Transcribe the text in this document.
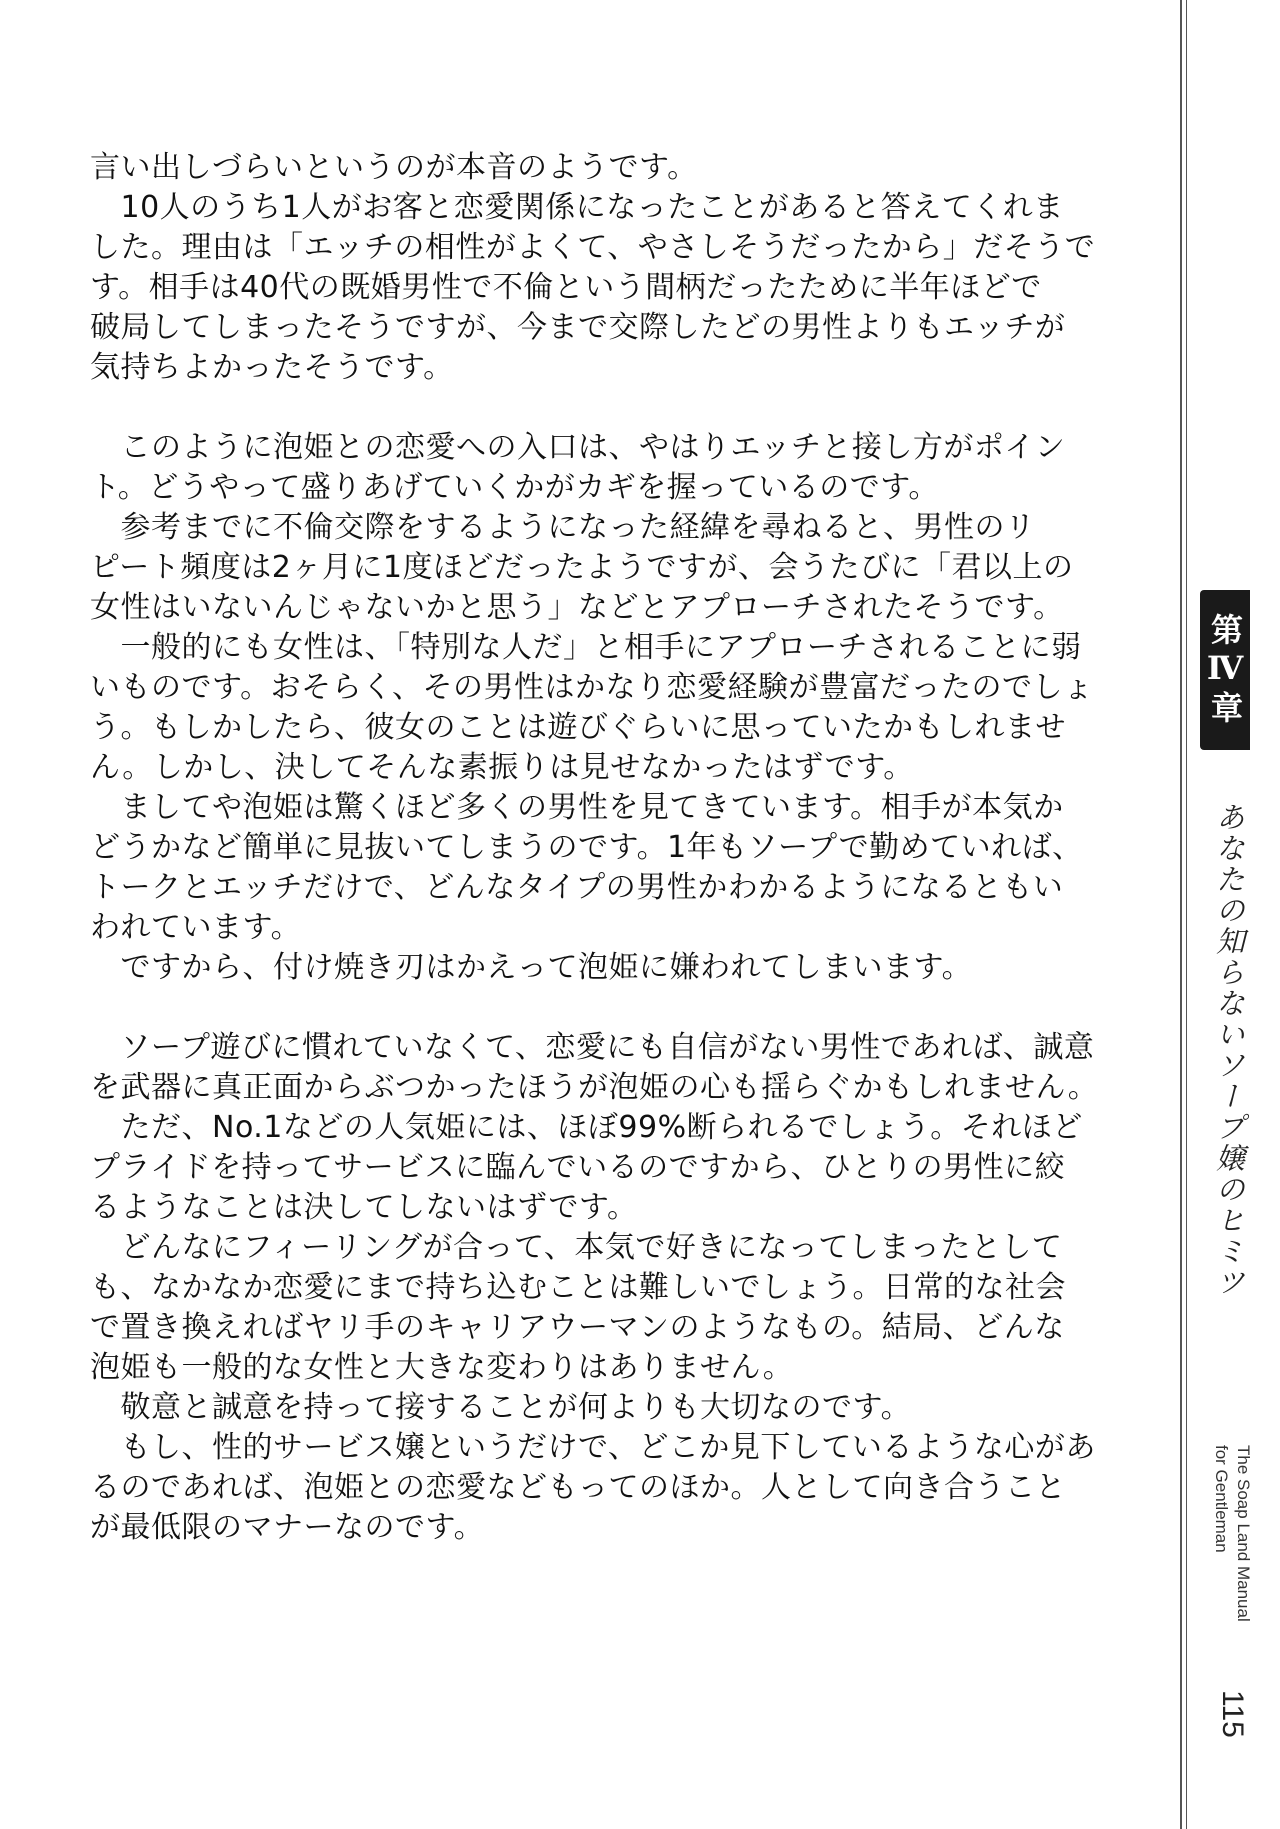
言い出しづらいというのが本音のようです。
　10人のうち1人がお客と恋愛関係になったことがあると答えてくれま
した。理由は「エッチの相性がよくて、やさしそうだったから」だそうで
す。相手は40代の既婚男性で不倫という間柄だったために半年ほどで
破局してしまったそうですが、今まで交際したどの男性よりもエッチが
気持ちよかったそうです。
　このように泡姫との恋愛への入口は、やはりエッチと接し方がポイン
ト。どうやって盛りあげていくかがカギを握っているのです。
　参考までに不倫交際をするようになった経緯を尋ねると、男性のリ
ピート頻度は2ヶ月に1度ほどだったようですが、会うたびに「君以上の
女性はいないんじゃないかと思う」などとアプローチされたそうです。
　一般的にも女性は、「特別な人だ」と相手にアプローチされることに弱
いものです。おそらく、その男性はかなり恋愛経験が豊富だったのでしょ
う。もしかしたら、彼女のことは遊びぐらいに思っていたかもしれませ
ん。しかし、決してそんな素振りは見せなかったはずです。
　ましてや泡姫は驚くほど多くの男性を見てきています。相手が本気か
どうかなど簡単に見抜いてしまうのです。1年もソープで勤めていれば、
トークとエッチだけで、どんなタイプの男性かわかるようになるともい
われています。
　ですから、付け焼き刃はかえって泡姫に嫌われてしまいます。
　ソープ遊びに慣れていなくて、恋愛にも自信がない男性であれば、誠意
を武器に真正面からぶつかったほうが泡姫の心も揺らぐかもしれません。
　ただ、No.1などの人気姫には、ほぼ99%断られるでしょう。それほど
プライドを持ってサービスに臨んでいるのですから、ひとりの男性に絞
るようなことは決してしないはずです。
　どんなにフィーリングが合って、本気で好きになってしまったとして
も、なかなか恋愛にまで持ち込むことは難しいでしょう。日常的な社会
で置き換えればヤリ手のキャリアウーマンのようなもの。結局、どんな
泡姫も一般的な女性と大きな変わりはありません。
　敬意と誠意を持って接することが何よりも大切なのです。
　もし、性的サービス嬢というだけで、どこか見下しているような心があ
るのであれば、泡姫との恋愛などもってのほか。人として向き合うこと
が最低限のマナーなのです。
第Ⅳ章
あなたの知らないソープ嬢のヒミツ
The Soap Land Manual
for Gentleman
115
